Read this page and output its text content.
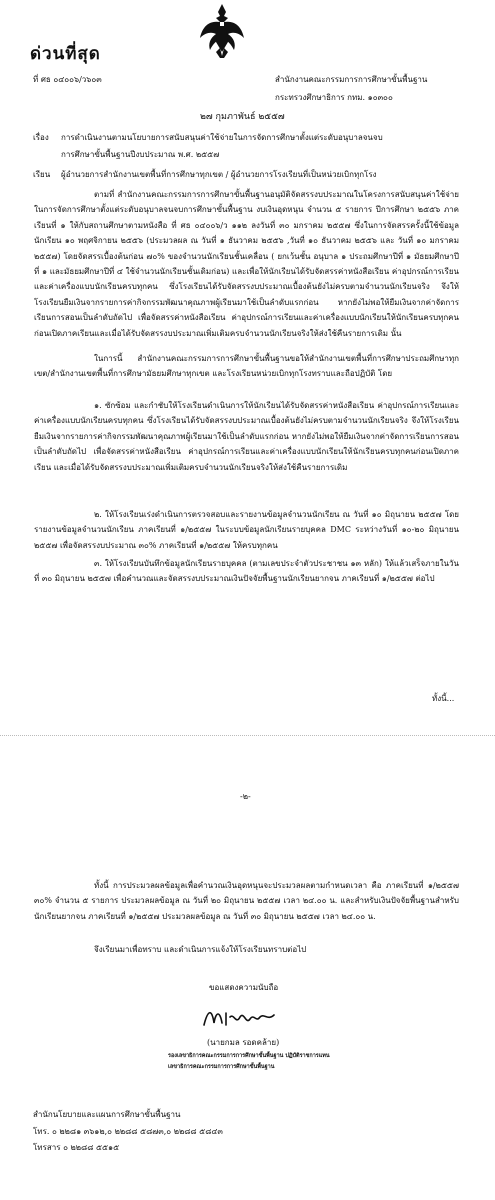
ด่วนที่สุด
ที่ ศธ ๐๔๐๐๖/ว๖๐๓	สำนักงานคณะกรรมการการศึกษาขั้นพื้นฐาน
กระทรวงศึกษาธิการ กทม. ๑๐๓๐๐
๒๗ กุมภาพันธ์ ๒๕๕๗
เรื่อง การดำเนินงานตามนโยบายการสนับสนุนค่าใช้จ่ายในการจัดการศึกษาตั้งแต่ระดับอนุบาลจนจบ
การศึกษาขั้นพื้นฐานปีงบประมาณ พ.ศ. ๒๕๕๗
เรียน ผู้อำนวยการสำนักงานเขตพื้นที่การศึกษาทุกเขต / ผู้อำนวยการโรงเรียนที่เป็นหน่วยเบิกทุกโรง

ตามที่ สำนักงานคณะกรรมการการศึกษาขั้นพื้นฐานอนุมัติจัดสรรงบประมาณในโครงการสนับสนุนค่าใช้จ่ายในการจัดการศึกษาตั้งแต่ระดับอนุบาลจนจบการศึกษาขั้นพื้นฐาน งบเงินอุดหนุน จำนวน ๕ รายการ ปีการศึกษา ๒๕๕๖ ภาคเรียนที่ ๑ ให้กับสถานศึกษาตามหนังสือ ที่ ศธ ๐๔๐๐๖/ว ๑๑๒ ลงวันที่ ๓๐ มกราคม ๒๕๕๗ ซึ่งในการจัดสรรครั้งนี้ใช้ข้อมูลนักเรียน ๑๐ พฤศจิกายน ๒๕๕๖ (ประมวลผล ณ วันที่ ๑ ธันวาคม ๒๕๕๖ ,วันที่ ๑๐ ธันวาคม ๒๕๕๖ และ วันที่ ๑๐ มกราคม ๒๕๕๗) โดยจัดสรรเบื้องต้นก่อน ๗๐% ของจำนวนนักเรียนชั้นเคลื่อน ( ยกเว้นชั้น อนุบาล ๑ ประถมศึกษาปีที่ ๑ มัธยมศึกษาปีที่ ๑ และมัธยมศึกษาปีที่ ๔ ใช้จำนวนนักเรียนชั้นเดิมก่อน) และเพื่อให้นักเรียนได้รับจัดสรรค่าหนังสือเรียน ค่าอุปกรณ์การเรียนและค่าเครื่องแบบนักเรียนครบทุกคน ซึ่งโรงเรียนได้รับจัดสรรงบประมาณเบื้องต้นยังไม่ครบตามจำนวนนักเรียนจริง จึงให้โรงเรียนยืมเงินจากรายการค่ากิจกรรมพัฒนาคุณภาพผู้เรียนมาใช้เป็นลำดับแรกก่อน หากยังไม่พอให้ยืมเงินจากค่าจัดการเรียนการสอนเป็นลำดับถัดไป เพื่อจัดสรรค่าหนังสือเรียน ค่าอุปกรณ์การเรียนและค่าเครื่องแบบนักเรียนให้นักเรียนครบทุกคนก่อนเปิดภาคเรียนและเมื่อได้รับจัดสรรงบประมาณเพิ่มเติมครบจำนวนนักเรียนจริงให้ส่งใช้คืนรายการเดิม นั้น

ในการนี้ สำนักงานคณะกรรมการการศึกษาขั้นพื้นฐานขอให้สำนักงานเขตพื้นที่การศึกษาประถมศึกษาทุกเขต/สำนักงานเขตพื้นที่การศึกษามัธยมศึกษาทุกเขต และโรงเรียนหน่วยเบิกทุกโรงทราบและถือปฏิบัติ โดย

๑. ซักซ้อม และกำชับให้โรงเรียนดำเนินการให้นักเรียนได้รับจัดสรรค่าหนังสือเรียน ค่าอุปกรณ์การเรียนและค่าเครื่องแบบนักเรียนครบทุกคน ซึ่งโรงเรียนได้รับจัดสรรงบประมาณเบื้องต้นยังไม่ครบตามจำนวนนักเรียนจริง จึงให้โรงเรียนยืมเงินจากรายการค่ากิจกรรมพัฒนาคุณภาพผู้เรียนมาใช้เป็นลำดับแรกก่อน หากยังไม่พอให้ยืมเงินจากค่าจัดการเรียนการสอนเป็นลำดับถัดไป เพื่อจัดสรรค่าหนังสือเรียน ค่าอุปกรณ์การเรียนและค่าเครื่องแบบนักเรียนให้นักเรียนครบทุกคนก่อนเปิดภาคเรียน และเมื่อได้รับจัดสรรงบประมาณเพิ่มเติมครบจำนวนนักเรียนจริงให้ส่งใช้คืนรายการเดิม

๒. ให้โรงเรียนเร่งดำเนินการตรวจสอบและรายงานข้อมูลจำนวนนักเรียน ณ วันที่ ๑๐ มิถุนายน ๒๕๕๗ โดยรายงานข้อมูลจำนวนนักเรียน ภาคเรียนที่ ๑/๒๕๕๗ ในระบบข้อมูลนักเรียนรายบุคคล DMC ระหว่างวันที่ ๑๐-๒๐ มิถุนายน ๒๕๕๗ เพื่อจัดสรรงบประมาณ ๓๐% ภาคเรียนที่ ๑/๒๕๕๗ ให้ครบทุกคน

๓. ให้โรงเรียนบันทึกข้อมูลนักเรียนรายบุคคล (ตามเลขประจำตัวประชาชน ๑๓ หลัก) ให้แล้วเสร็จภายในวันที่ ๓๐ มิถุนายน ๒๕๕๗ เพื่อคำนวณและจัดสรรงบประมาณเงินปัจจัยพื้นฐานนักเรียนยากจน ภาคเรียนที่ ๑/๒๕๕๗ ต่อไป

ทั้งนี้...
-๒-

ทั้งนี้ การประมวลผลข้อมูลเพื่อคำนวณเงินอุดหนุนจะประมวลผลตามกำหนดเวลา คือ ภาคเรียนที่ ๑/๒๕๕๗ ๓๐% จำนวน ๕ รายการ ประมวลผลข้อมูล ณ วันที่ ๒๐ มิถุนายน ๒๕๕๗ เวลา ๒๔.๐๐ น. และสำหรับเงินปัจจัยพื้นฐานสำหรับนักเรียนยากจน ภาคเรียนที่ ๑/๒๕๕๗ ประมวลผลข้อมูล ณ วันที่ ๓๐ มิถุนายน ๒๕๕๗ เวลา ๒๔.๐๐ น.

จึงเรียนมาเพื่อทราบ และดำเนินการแจ้งให้โรงเรียนทราบต่อไป
ขอแสดงความนับถือ
(นายกมล รอดคล้าย)
รองเลขาธิการคณะกรรมการการศึกษาขั้นพื้นฐาน ปฏิบัติราชการแทน
เลขาธิการคณะกรรมการการศึกษาขั้นพื้นฐาน
สำนักนโยบายและแผนการศึกษาขั้นพื้นฐาน
โทร. ๐ ๒๒๘๑ ๓๖๑๒,๐ ๒๒๘๘ ๕๘๗๓,๐ ๒๒๘๘ ๕๘๔๓
โทรสาร ๐ ๒๒๘๘ ๕๕๑๕
